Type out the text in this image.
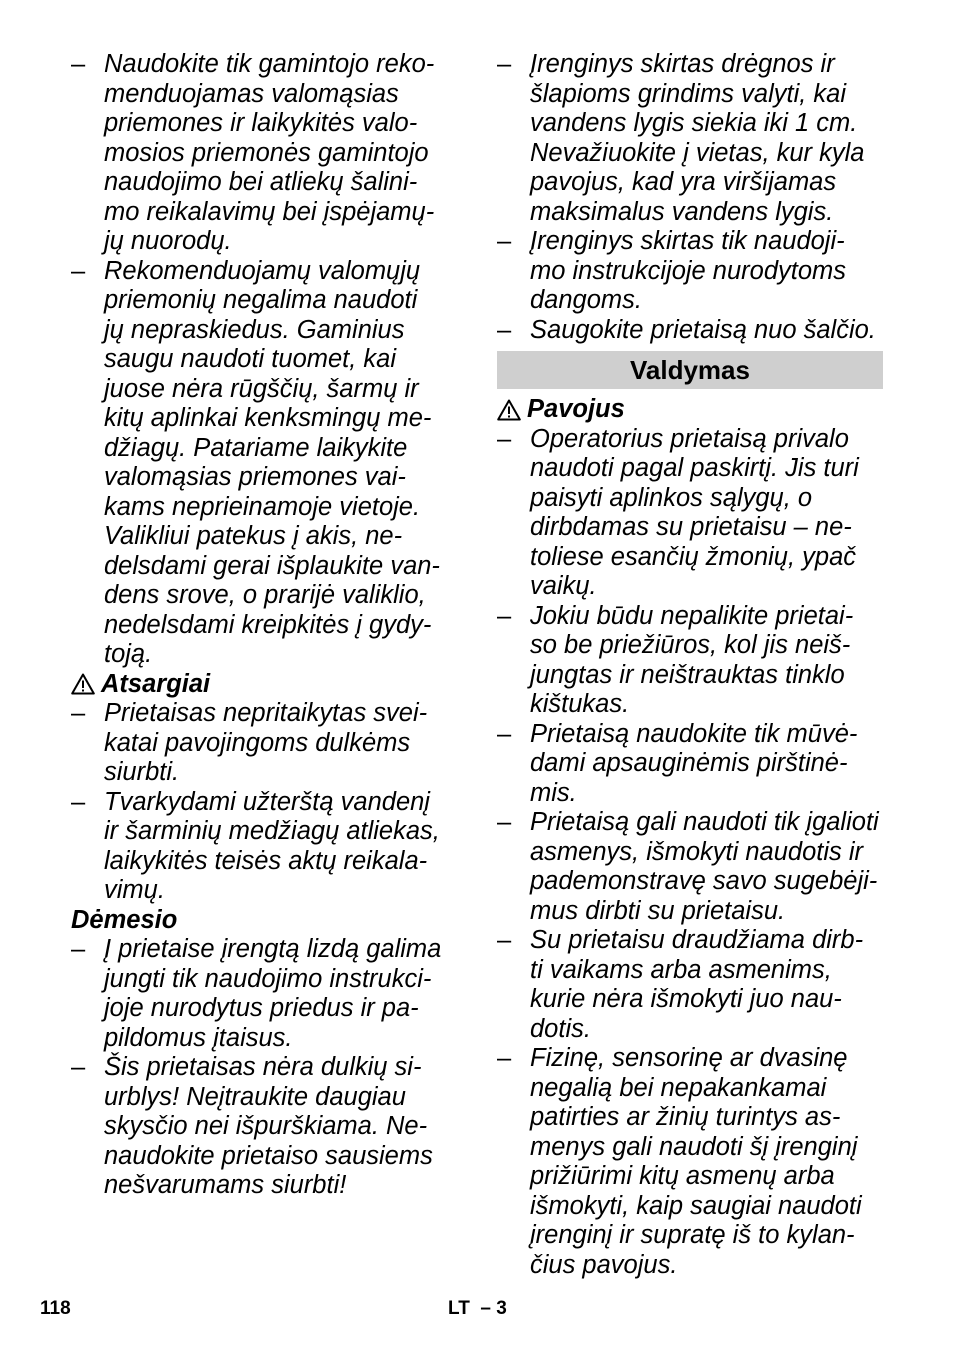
– Naudokite tik gamintojo reko-
menduojamas valomąsias
priemones ir laikykitės valo-
mosios priemonės gamintojo
naudojimo bei atliekų šalini-
mo reikalavimų bei įspėjamų-
jų nuorodų.
– Rekomenduojamų valomųjų
priemonių negalima naudoti
jų nepraskiedus. Gaminius
saugu naudoti tuomet, kai
juose nėra rūgščių, šarmų ir
kitų aplinkai kenksmingų me-
džiagų. Patariame laikykite
valomąsias priemones vai-
kams neprieinamoje vietoje.
Valikliui patekus į akis, ne-
delsdami gerai išplaukite van-
dens srove, o prarijė valiklio,
nedelsdami kreipkitės į gydy-
toją.
Atsargiai
– Prietaisas nepritaikytas svei-
katai pavojingoms dulkėms
siurbti.
– Tvarkydami užterštą vandenį
ir šarminių medžiagų atliekas,
laikykitės teisės aktų reikala-
vimų.
Dėmesio
– Į prietaise įrengtą lizdą galima
jungti tik naudojimo instrukci-
joje nurodytus priedus ir pa-
pildomus įtaisus.
– Šis prietaisas nėra dulkių si-
urblys! Neįtraukite daugiau
skysčio nei išpurškiama. Ne-
naudokite prietaiso sausiems
nešvarumams siurbti!
– Įrenginys skirtas drėgnos ir
šlapioms grindims valyti, kai
vandens lygis siekia iki 1 cm.
Nevažiuokite į vietas, kur kyla
pavojus, kad yra viršijamas
maksimalus vandens lygis.
– Įrenginys skirtas tik naudoji-
mo instrukcijoje nurodytoms
dangoms.
– Saugokite prietaisą nuo šalčio.
Valdymas
Pavojus
– Operatorius prietaisą privalo
naudoti pagal paskirtį. Jis turi
paisyti aplinkos sąlygų, o
dirbdamas su prietaisu – ne-
toliese esančių žmonių, ypač
vaikų.
– Jokiu būdu nepalikite prietai-
so be priežiūros, kol jis neiš-
jungtas ir neištrauktas tinklo
kištukas.
– Prietaisą naudokite tik mūvė-
dami apsauginėmis pirštinė-
mis.
– Prietaisą gali naudoti tik įgalioti
asmenys, išmokyti naudotis ir
pademonstravę savo sugebėji-
mus dirbti su prietaisu.
– Su prietaisu draudžiama dirb-
ti vaikams arba asmenims,
kurie nėra išmokyti juo nau-
dotis.
– Fizinę, sensorinę ar dvasinę
negalią bei nepakankamai
patirties ar žinių turintys as-
menys gali naudoti šį įrenginį
prižiūrimi kitų asmenų arba
išmokyti, kaip saugiai naudoti
įrenginį ir supratę iš to kylan-
čius pavojus.
118	LT  – 3
